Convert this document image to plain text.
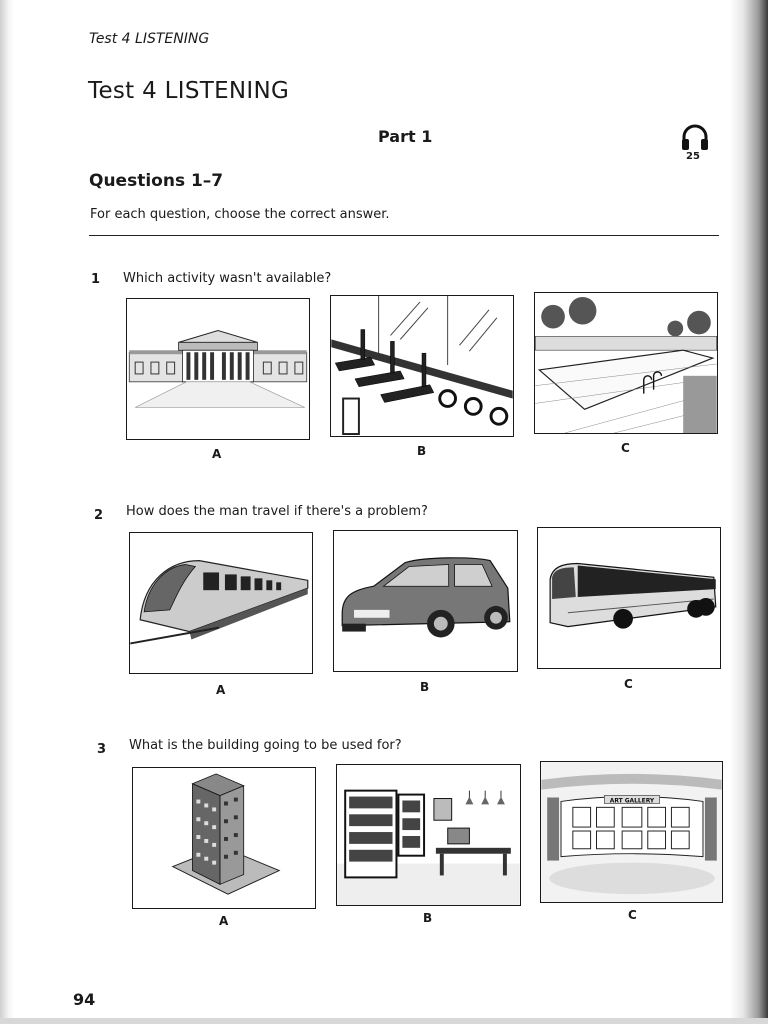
Test 4 LISTENING
Test 4 LISTENING
Part 1
25
Questions 1–7
For each question, choose the correct answer.
1 Which activity wasn't available?
A	B	C
2 How does the man travel if there's a problem?
A	B	C
3 What is the building going to be used for?
A	B
ART GALLERY
C
94
